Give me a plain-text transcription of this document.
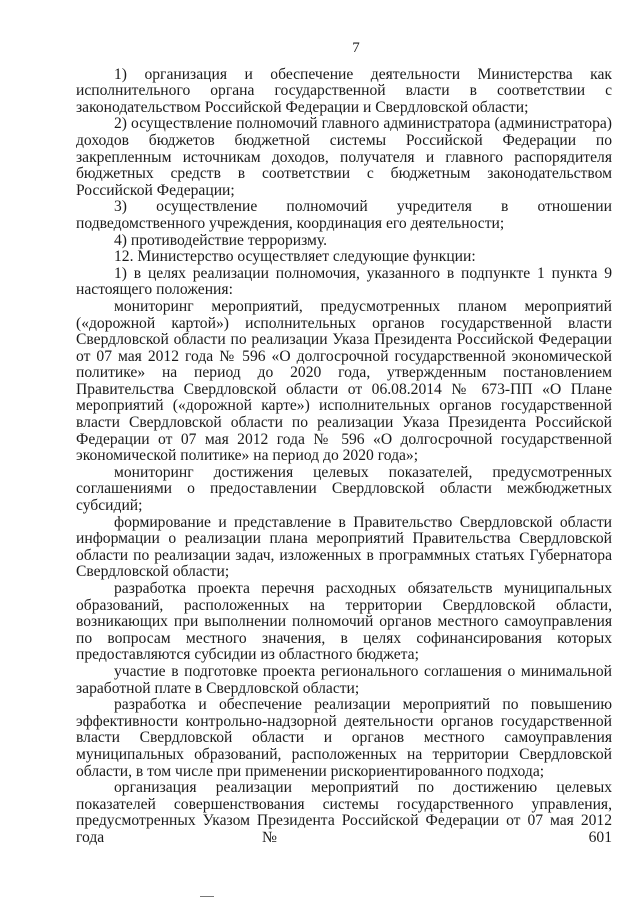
7

1) организация и обеспечение деятельности Министерства как исполнительного органа государственной власти в соответствии с законодательством Российской Федерации и Свердловской области;

2) осуществление полномочий главного администратора (администратора) доходов бюджетов бюджетной системы Российской Федерации по закрепленным источникам доходов, получателя и главного распорядителя бюджетных средств в соответствии с бюджетным законодательством Российской Федерации;

3) осуществление полномочий учредителя в отношении подведомственного учреждения, координация его деятельности;

4) противодействие терроризму.

12. Министерство осуществляет следующие функции:

1) в целях реализации полномочия, указанного в подпункте 1 пункта 9 настоящего положения:

мониторинг мероприятий, предусмотренных планом мероприятий («дорожной картой») исполнительных органов государственной власти Свердловской области по реализации Указа Президента Российской Федерации от 07 мая 2012 года № 596 «О долгосрочной государственной экономической политике» на период до 2020 года, утвержденным постановлением Правительства Свердловской области от 06.08.2014 № 673-ПП «О Плане мероприятий («дорожной карте») исполнительных органов государственной власти Свердловской области по реализации Указа Президента Российской Федерации от 07 мая 2012 года № 596 «О долгосрочной государственной экономической политике» на период до 2020 года»;

мониторинг достижения целевых показателей, предусмотренных соглашениями о предоставлении Свердловской области межбюджетных субсидий;

формирование и представление в Правительство Свердловской области информации о реализации плана мероприятий Правительства Свердловской области по реализации задач, изложенных в программных статьях Губернатора Свердловской области;

разработка проекта перечня расходных обязательств муниципальных образований, расположенных на территории Свердловской области, возникающих при выполнении полномочий органов местного самоуправления по вопросам местного значения, в целях софинансирования которых предоставляются субсидии из областного бюджета;

участие в подготовке проекта регионального соглашения о минимальной заработной плате в Свердловской области;

разработка и обеспечение реализации мероприятий по повышению эффективности контрольно-надзорной деятельности органов государственной власти Свердловской области и органов местного самоуправления муниципальных образований, расположенных на территории Свердловской области, в том числе при применении рискориентированного подхода;

организация реализации мероприятий по достижению целевых показателей совершенствования системы государственного управления, предусмотренных Указом Президента Российской Федерации от 07 мая 2012 года № 601
